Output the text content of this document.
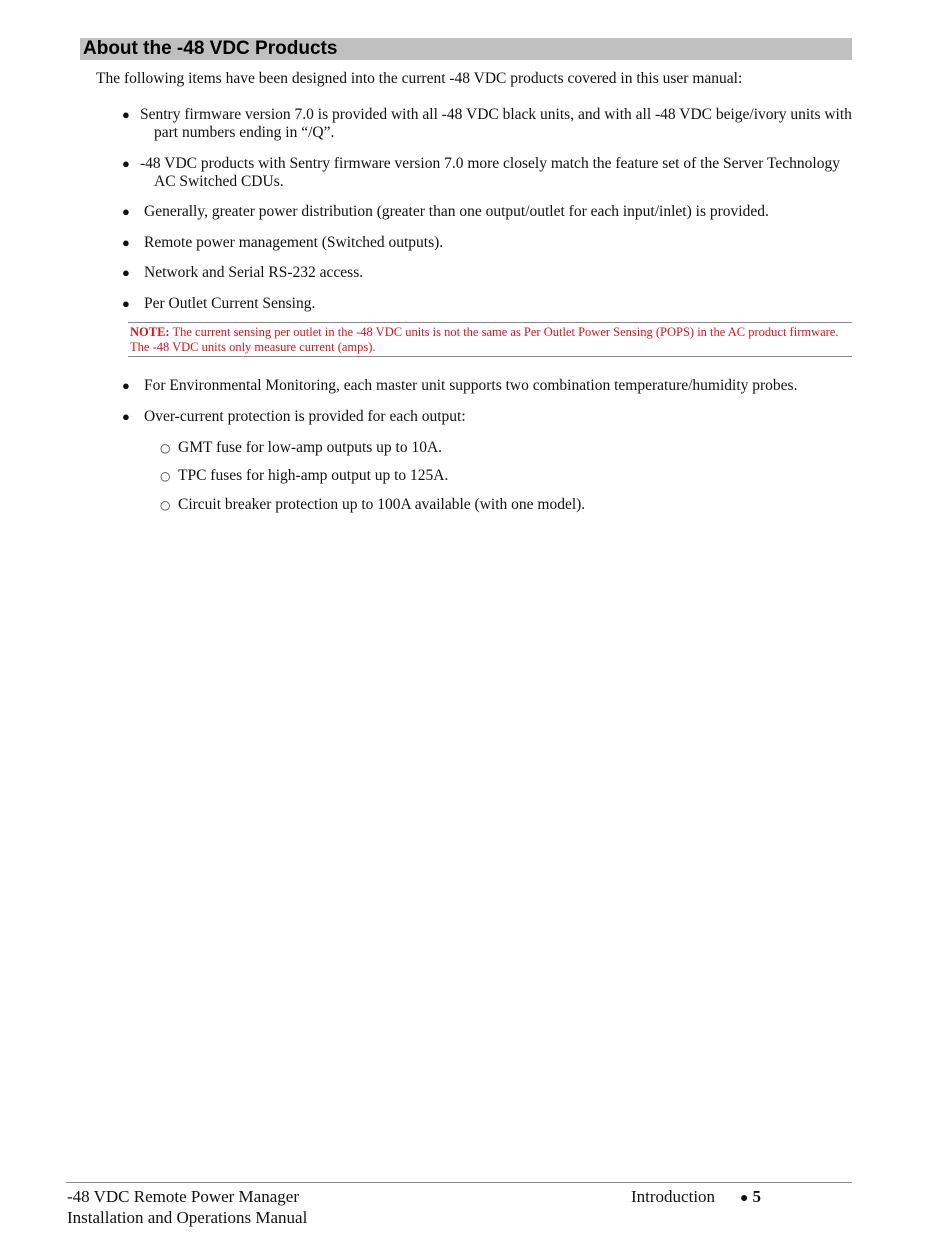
About the -48 VDC Products
The following items have been designed into the current -48 VDC products covered in this user manual:
● Sentry firmware version 7.0 is provided with all -48 VDC black units, and with all -48 VDC beige/ivory units with part numbers ending in “/Q”.
● -48 VDC products with Sentry firmware version 7.0 more closely match the feature set of the Server Technology AC Switched CDUs.
● Generally, greater power distribution (greater than one output/outlet for each input/inlet) is provided.
● Remote power management (Switched outputs).
● Network and Serial RS-232 access.
● Per Outlet Current Sensing.
NOTE: The current sensing per outlet in the -48 VDC units is not the same as Per Outlet Power Sensing (POPS) in the AC product firmware. The -48 VDC units only measure current (amps).
● For Environmental Monitoring, each master unit supports two combination temperature/humidity probes.
● Over-current protection is provided for each output:
○ GMT fuse for low-amp outputs up to 10A.
○ TPC fuses for high-amp output up to 125A.
○ Circuit breaker protection up to 100A available (with one model).
-48 VDC Remote Power Manager
Installation and Operations Manual
Introduction ● 5
